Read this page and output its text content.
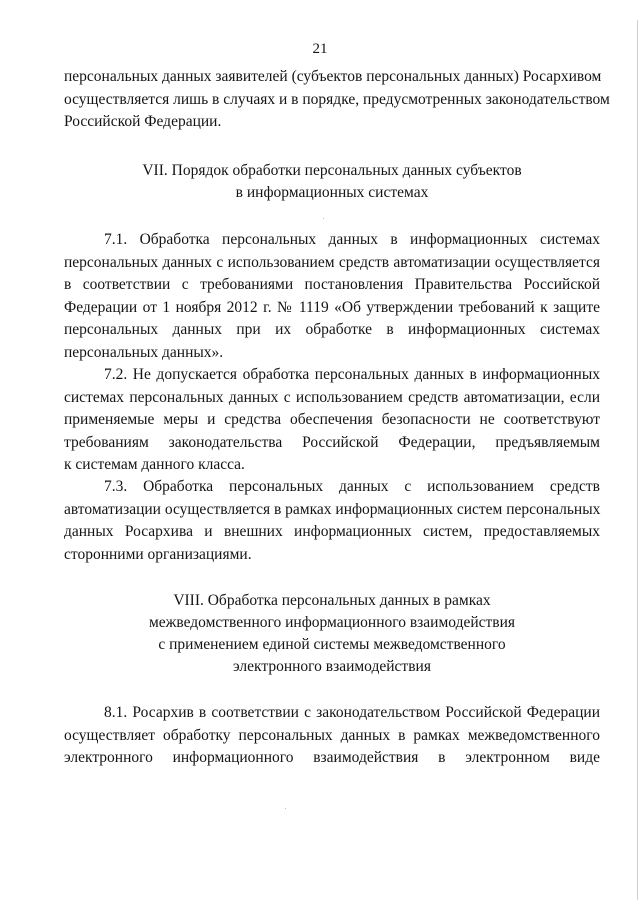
21
персональных данных заявителей (субъектов персональных данных) Росархивом
осуществляется лишь в случаях и в порядке, предусмотренных законодательством
Российской Федерации.
VII. Порядок обработки персональных данных субъектов
в информационных системах
7.1. Обработка персональных данных в информационных системах
персональных данных с использованием средств автоматизации осуществляется
в соответствии с требованиями постановления Правительства Российской
Федерации от 1 ноября 2012 г. № 1119 «Об утверждении требований к защите
персональных данных при их обработке в информационных системах
персональных данных».
7.2. Не допускается обработка персональных данных в информационных
системах персональных данных с использованием средств автоматизации, если
применяемые меры и средства обеспечения безопасности не соответствуют
требованиям законодательства Российской Федерации, предъявляемым
к системам данного класса.
7.3. Обработка персональных данных с использованием средств
автоматизации осуществляется в рамках информационных систем персональных
данных Росархива и внешних информационных систем, предоставляемых
сторонними организациями.
VIII. Обработка персональных данных в рамках
межведомственного информационного взаимодействия
с применением единой системы межведомственного
электронного взаимодействия
8.1. Росархив в соответствии с законодательством Российской Федерации
осуществляет обработку персональных данных в рамках межведомственного
электронного информационного взаимодействия в электронном виде
